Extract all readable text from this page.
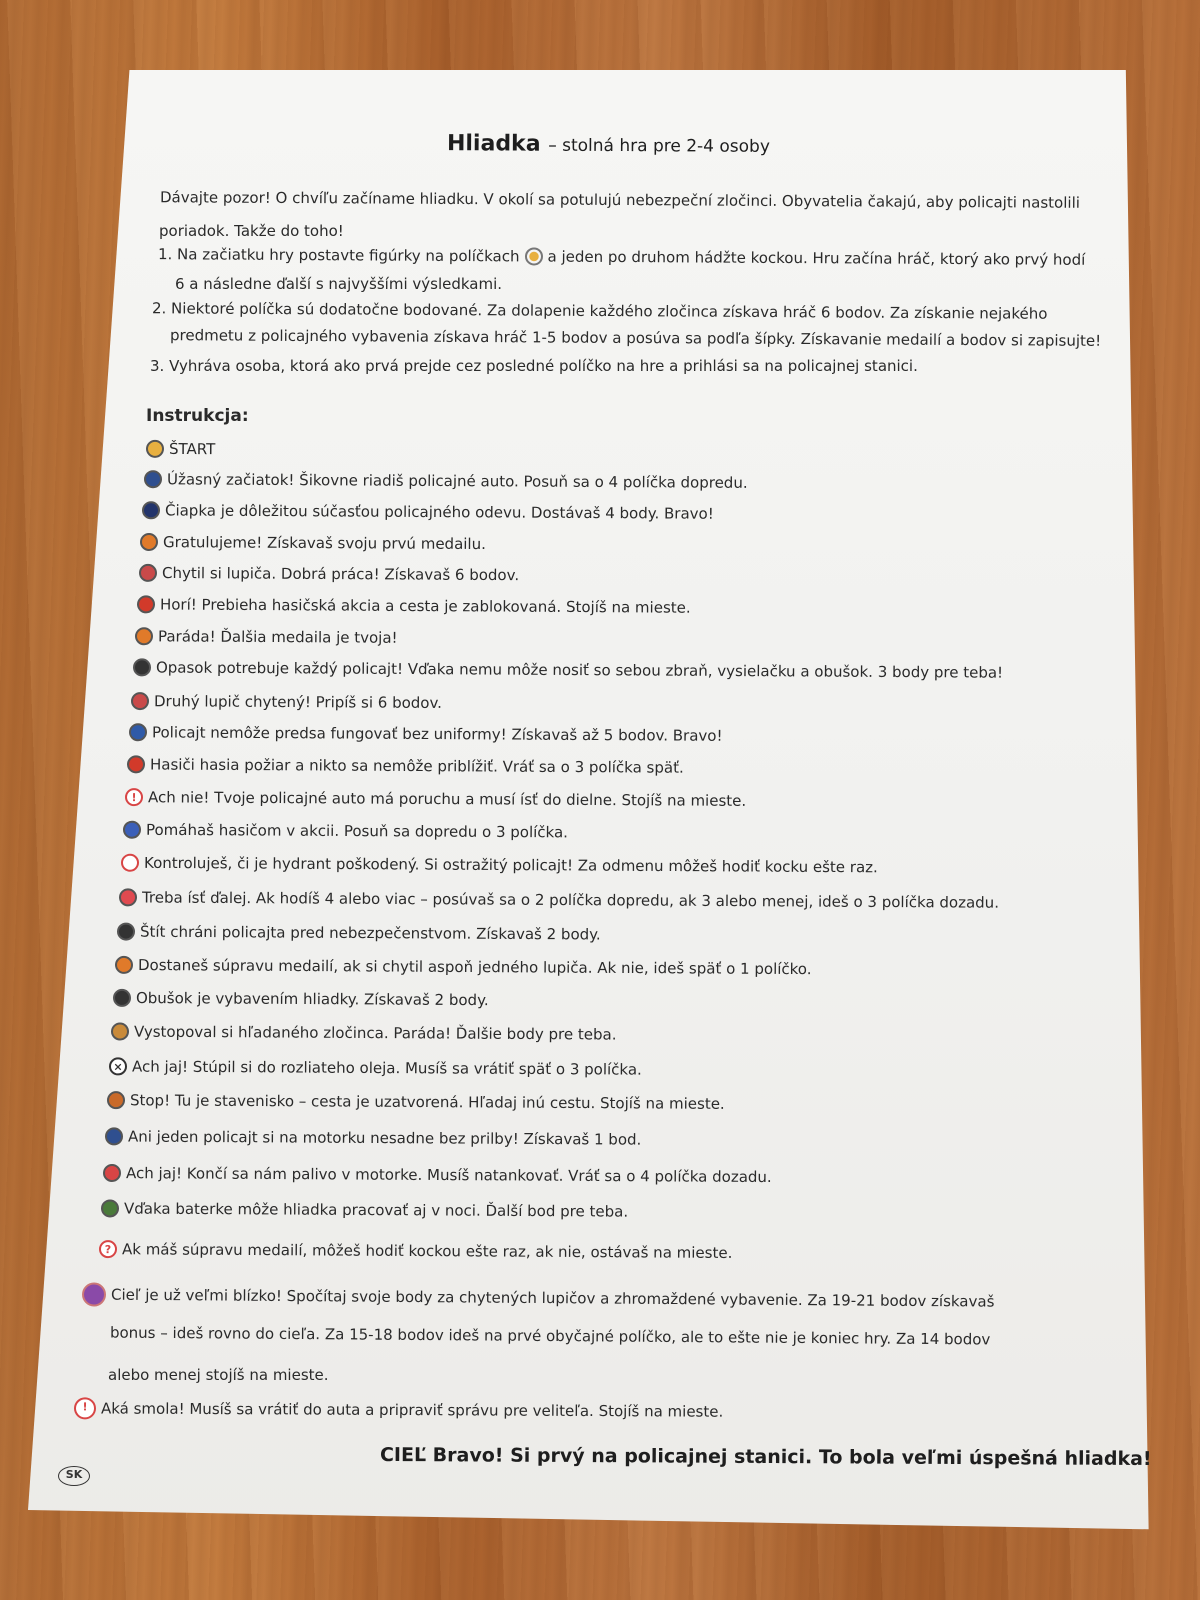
Hliadka – stolná hra pre 2-4 osoby
Dávajte pozor! O chvíľu začíname hliadku. V okolí sa potulujú nebezpeční zločinci. Obyvatelia čakajú, aby policajti nastolili
poriadok. Takže do toho!
1. Na začiatku hry postavte figúrky na políčkach a jeden po druhom hádžte kockou. Hru začína hráč, ktorý ako prvý hodí
6 a následne ďalší s najvyššími výsledkami.
2. Niektoré políčka sú dodatočne bodované. Za dolapenie každého zločinca získava hráč 6 bodov. Za získanie nejakého
predmetu z policajného vybavenia získava hráč 1-5 bodov a posúva sa podľa šípky. Získavanie medailí a bodov si zapisujte!
3. Vyhráva osoba, ktorá ako prvá prejde cez posledné políčko na hre a prihlási sa na policajnej stanici.
Instrukcja:
ŠTART
Úžasný začiatok! Šikovne riadiš policajné auto. Posuň sa o 4 políčka dopredu.
Čiapka je dôležitou súčasťou policajného odevu. Dostávaš 4 body. Bravo!
Gratulujeme! Získavaš svoju prvú medailu.
Chytil si lupiča. Dobrá práca! Získavaš 6 bodov.
Horí! Prebieha hasičská akcia a cesta je zablokovaná. Stojíš na mieste.
Paráda! Ďalšia medaila je tvoja!
Opasok potrebuje každý policajt! Vďaka nemu môže nosiť so sebou zbraň, vysielačku a obušok. 3 body pre teba!
Druhý lupič chytený! Pripíš si 6 bodov.
Policajt nemôže predsa fungovať bez uniformy! Získavaš až 5 bodov. Bravo!
Hasiči hasia požiar a nikto sa nemôže priblížiť. Vráť sa o 3 políčka späť.
! Ach nie! Tvoje policajné auto má poruchu a musí ísť do dielne. Stojíš na mieste.
Pomáhaš hasičom v akcii. Posuň sa dopredu o 3 políčka.
Kontroluješ, či je hydrant poškodený. Si ostražitý policajt! Za odmenu môžeš hodiť kocku ešte raz.
Treba ísť ďalej. Ak hodíš 4 alebo viac – posúvaš sa o 2 políčka dopredu, ak 3 alebo menej, ideš o 3 políčka dozadu.
Štít chráni policajta pred nebezpečenstvom. Získavaš 2 body.
Dostaneš súpravu medailí, ak si chytil aspoň jedného lupiča. Ak nie, ideš späť o 1 políčko.
Obušok je vybavením hliadky. Získavaš 2 body.
Vystopoval si hľadaného zločinca. Paráda! Ďalšie body pre teba.
× Ach jaj! Stúpil si do rozliateho oleja. Musíš sa vrátiť späť o 3 políčka.
Stop! Tu je stavenisko – cesta je uzatvorená. Hľadaj inú cestu. Stojíš na mieste.
Ani jeden policajt si na motorku nesadne bez prilby! Získavaš 1 bod.
Ach jaj! Končí sa nám palivo v motorke. Musíš natankovať. Vráť sa o 4 políčka dozadu.
Vďaka baterke môže hliadka pracovať aj v noci. Ďalší bod pre teba.
? Ak máš súpravu medailí, môžeš hodiť kockou ešte raz, ak nie, ostávaš na mieste.
Cieľ je už veľmi blízko! Spočítaj svoje body za chytených lupičov a zhromaždené vybavenie. Za 19-21 bodov získavaš
bonus – ideš rovno do cieľa. Za 15-18 bodov ideš na prvé obyčajné políčko, ale to ešte nie je koniec hry. Za 14 bodov
alebo menej stojíš na mieste.
! Aká smola! Musíš sa vrátiť do auta a pripraviť správu pre veliteľa. Stojíš na mieste.
CIEĽ Bravo! Si prvý na policajnej stanici. To bola veľmi úspešná hliadka!
SK
